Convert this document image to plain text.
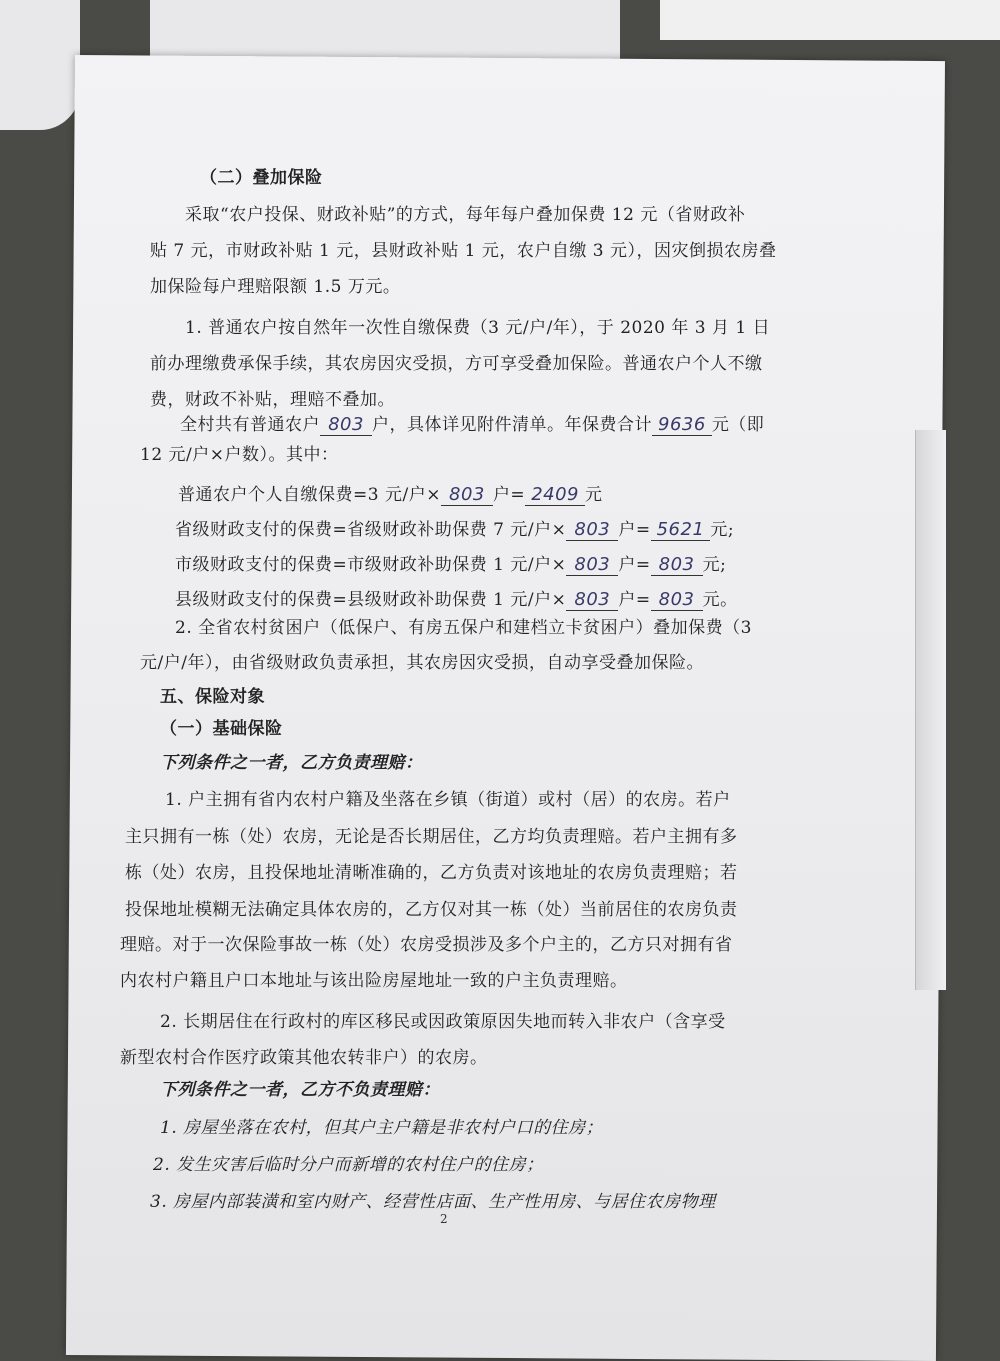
（二）叠加保险
采取“农户投保、财政补贴”的方式，每年每户叠加保费 12 元（省财政补
贴 7 元，市财政补贴 1 元，县财政补贴 1 元，农户自缴 3 元），因灾倒损农房叠
加保险每户理赔限额 1.5 万元。
1. 普通农户按自然年一次性自缴保费（3 元/户/年），于 2020 年 3 月 1 日
前办理缴费承保手续，其农房因灾受损，方可享受叠加保险。普通农户个人不缴
费，财政不补贴，理赔不叠加。
全村共有普通农户 803 户，具体详见附件清单。年保费合计 9636 元（即
12 元/户×户数）。其中：
普通农户个人自缴保费=3 元/户× 803 户= 2409 元
省级财政支付的保费=省级财政补助保费 7 元/户× 803 户= 5621 元;
市级财政支付的保费=市级财政补助保费 1 元/户× 803 户= 803 元;
县级财政支付的保费=县级财政补助保费 1 元/户× 803 户= 803 元。
2. 全省农村贫困户（低保户、有房五保户和建档立卡贫困户）叠加保费（3
元/户/年），由省级财政负责承担，其农房因灾受损，自动享受叠加保险。
五、保险对象
（一）基础保险
下列条件之一者，乙方负责理赔：
1. 户主拥有省内农村户籍及坐落在乡镇（街道）或村（居）的农房。若户
主只拥有一栋（处）农房，无论是否长期居住，乙方均负责理赔。若户主拥有多
栋（处）农房，且投保地址清晰准确的，乙方负责对该地址的农房负责理赔；若
投保地址模糊无法确定具体农房的，乙方仅对其一栋（处）当前居住的农房负责
理赔。对于一次保险事故一栋（处）农房受损涉及多个户主的，乙方只对拥有省
内农村户籍且户口本地址与该出险房屋地址一致的户主负责理赔。
2. 长期居住在行政村的库区移民或因政策原因失地而转入非农户（含享受
新型农村合作医疗政策其他农转非户）的农房。
下列条件之一者，乙方不负责理赔：
1. 房屋坐落在农村，但其户主户籍是非农村户口的住房；
2. 发生灾害后临时分户而新增的农村住户的住房；
3. 房屋内部装潢和室内财产、经营性店面、生产性用房、与居住农房物理
2
